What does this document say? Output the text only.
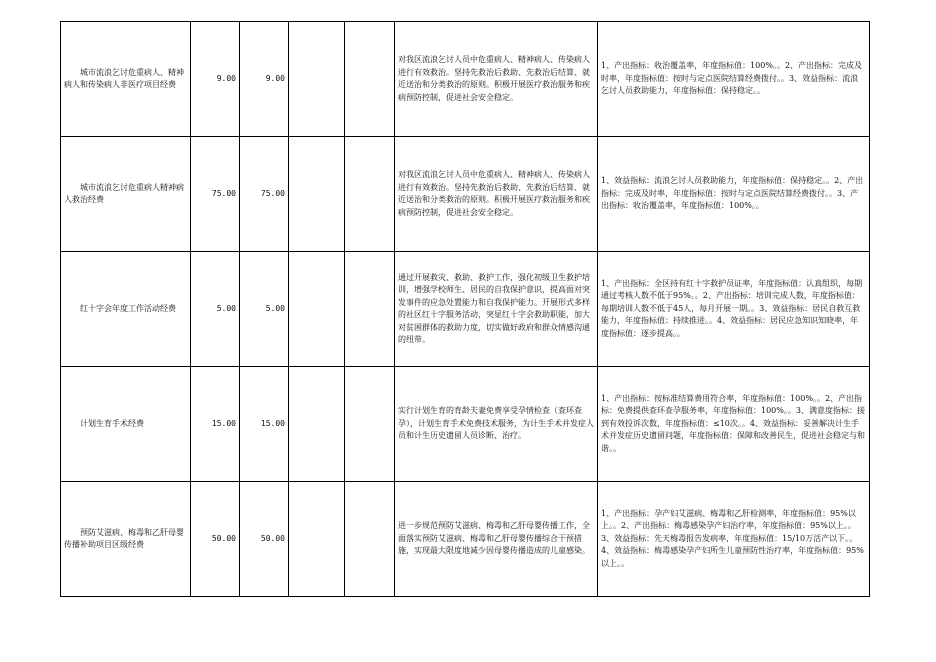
城市流浪乞讨危重病人、精神病人和传染病人非医疗项目经费	9.00	9.00			对我区流浪乞讨人员中危重病人、精神病人、传染病人进行有效救治。坚持先救治后救助、先救治后结算、就近送治和分类救治的原则。积极开展医疗救治服务和疾病预防控制，促进社会安全稳定。	1、产出指标：收治覆盖率，年度指标值：100%。。2、产出指标：完成及时率，年度指标值：按时与定点医院结算经费拨付。。3、效益指标：流浪乞讨人员救助能力，年度指标值：保持稳定。。
城市流浪乞讨危重病人精神病人救治经费	75.00	75.00			对我区流浪乞讨人员中危重病人、精神病人、传染病人进行有效救治。坚持先救治后救助、先救治后结算、就近送治和分类救治的原则。积极开展医疗救治服务和疾病预防控制，促进社会安全稳定。	1、效益指标：流浪乞讨人员救助能力，年度指标值：保持稳定。。2、产出指标：完成及时率，年度指标值：按时与定点医院结算经费拨付。。3、产出指标：收治覆盖率，年度指标值：100%。。
红十字会年度工作活动经费	5.00	5.00			通过开展救灾、救助、救护工作，强化初级卫生救护培训，增强学校师生、居民的自我保护意识，提高面对突发事件的应急处置能力和自我保护能力。开展形式多样的社区红十字服务活动，突显红十字会救助职能，加大对贫困群体的救助力度，切实做好政府和群众情感沟通的纽带。	1、产出指标：全区持有红十字救护员证率，年度指标值：认真组织，每期通过考核人数不低于95%。。2、产出指标：培训完成人数，年度指标值：每期培训人数不低于45人，每月开展一期。。3、效益指标：居民自救互救能力，年度指标值：持续推进。。4、效益指标：居民应急知识知晓率，年度指标值：逐步提高。。
计划生育手术经费	15.00	15.00			实行计划生育的育龄夫妻免费享受孕情检查（查环查孕），计划生育手术免费技术服务，为计生手术并发症人员和计生历史遗留人员诊断、治疗。	1、产出指标：按标准结算费用符合率，年度指标值：100%。。2、产出指标：免费提供查环查孕服务率，年度指标值：100%。。3、满意度指标：接到有效投诉次数，年度指标值：≤10次。。4、效益指标：妥善解决计生手术并发症历史遗留问题，年度指标值：保障和改善民生，促进社会稳定与和谐。。
预防艾滋病、梅毒和乙肝母婴传播补助项目区级经费	50.00	50.00			进一步规范预防艾滋病、梅毒和乙肝母婴传播工作，全面落实预防艾滋病、梅毒和乙肝母婴传播综合干预措施，实现最大限度地减少因母婴传播造成的儿童感染。	1、产出指标：孕产妇艾滋病、梅毒和乙肝检测率，年度指标值：95%以上。。2、产出指标：梅毒感染孕产妇治疗率，年度指标值：95%以上。。3、效益指标：先天梅毒报告发病率，年度指标值：15/10万活产以下。。4、效益指标：梅毒感染孕产妇所生儿童预防性治疗率，年度指标值：95%以上。。
